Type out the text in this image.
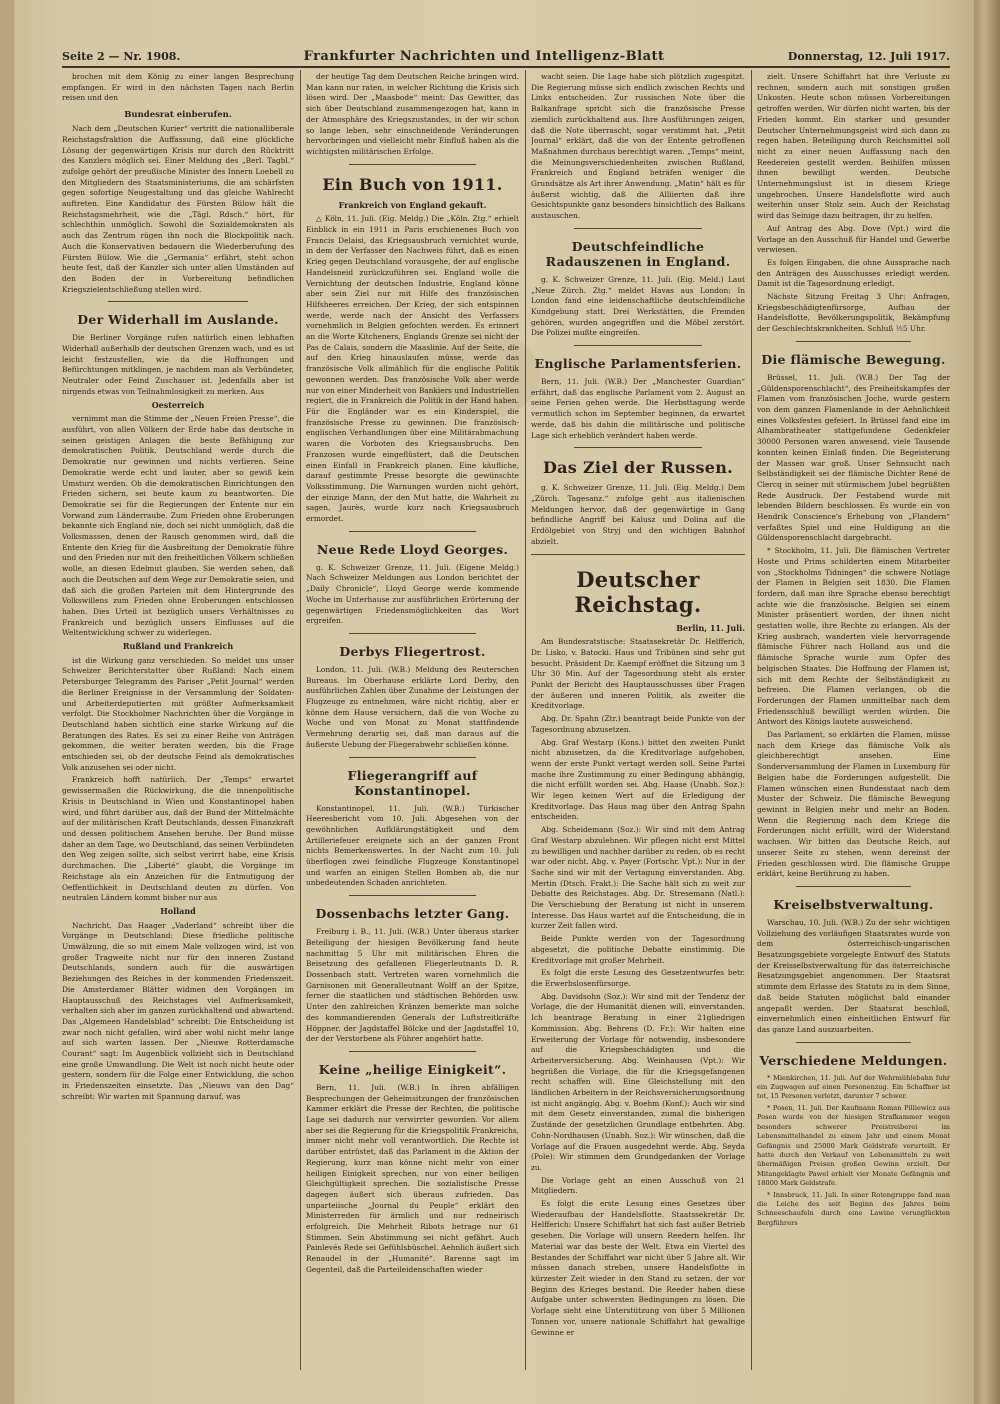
Seite 2 — Nr. 1908.	Frankfurter Nachrichten und Intelligenz-Blatt	Donnerstag, 12. Juli 1917.

brochen mit dem König zu einer langen Besprechung empfangen. Er wird in den nächsten Tagen nach Berlin reisen und den

Bundesrat einberufen.

Nach dem „Deutschen Kurier“ vertritt die nationalliberale Reichstagsfraktion die Auffassung, daß eine glückliche Lösung der gegenwärtigen Krisis nur durch den Rücktritt des Kanzlers möglich sei. Einer Meldung des „Berl. Tagbl.“ zufolge gehört der preußische Minister des Innern Loebell zu den Mitgliedern des Staatsministeriums, die am schärfsten gegen sofortige Neugestaltung und das gleiche Wahlrecht auftreten. Eine Kandidatur des Fürsten Bülow hält die Reichstagsmehrheit, wie die „Tägl. Rdsch.“ hört, für schlechthin unmöglich. Sowohl die Sozialdemokraten als auch das Zentrum rügen ihn noch die Blockpolitik nach. Auch die Konservativen bedauern die Wiederberufung des Fürsten Bülow. Wie die „Germania“ erfährt, steht schon heute fest, daß der Kanzler sich unter allen Umständen auf den Boden der in Vorbereitung befindlichen Kriegszielentschließung stellen wird.

Der Widerhall im Auslande.

Die Berliner Vorgänge rufen natürlich einen lebhaften Widerhall außerhalb der deutschen Grenzen wach, und es ist leicht festzustellen, wie da die Hoffnungen und Befürchtungen mitklingen, je nachdem man als Verbündeter, Neutraler oder Feind Zuschauer ist. Jedenfalls aber ist nirgends etwas von Teilnahmlosigkeit zu merken. Aus

Oesterreich

vernimmt man die Stimme der „Neuen Freien Presse“, die ausführt, von allen Völkern der Erde habe das deutsche in seinen geistigen Anlagen die beste Befähigung zur demokratischen Politik. Deutschland werde durch die Demokratie nur gewinnen und nichts verlieren. Seine Demokratie werde echt und lauter, aber so gewiß kein Umsturz werden. Ob die demokratischen Einrichtungen den Frieden sichern, sei heute kaum zu beantworten. Die Demokratie sei für die Regierungen der Entente nur ein Vorwand zum Länderraube. Zum Frieden ohne Eroberungen bekannte sich England nie, doch sei nicht unmöglich, daß die Volksmassen, denen der Rausch genommen wird, daß die Entente den Krieg für die Ausbreitung der Demokratie führe und den Frieden nur mit den freiheitlichen Völkern schließen wolle, an diesen Edelmut glauben. Sie werden sehen, daß auch die Deutschen auf dem Wege zur Demokratie seien, und daß sich die großen Parteien mit dem Hintergrunde des Volkswillens zum Frieden ohne Eroberungen entschlossen haben. Dies Urteil ist bezüglich unsers Verhältnisses zu Frankreich und bezüglich unsers Einflusses auf die Weltentwicklung schwer zu widerlegen.

Rußland und Frankreich

ist die Wirkung ganz verschieden. So meldet uns unser Schweizer Berichterstatter über Rußland: Nach einem Petersburger Telegramm des Pariser „Petit Journal“ werden die Berliner Ereignisse in der Versammlung der Soldaten- und Arbeiterdeputierten mit größter Aufmerksamkeit verfolgt. Die Stockholmer Nachrichten über die Vorgänge in Deutschland haben sichtlich eine starke Wirkung auf die Beratungen des Rates. Es sei zu einer Reihe von Anträgen gekommen, die weiter beraten werden, bis die Frage entschieden sei, ob der deutsche Feind als demokratisches Volk anzusehen sei oder nicht.

Frankreich hofft natürlich. Der „Temps“ erwartet gewissermaßen die Rückwirkung, die die innenpolitische Krisis in Deutschland in Wien und Konstantinopel haben wird, und führt darüber aus, daß der Bund der Mittelmächte auf der militärischen Kraft Deutschlands, dessen Finanzkraft und dessen politischem Ansehen beruhe. Der Bund müsse daher an dem Tage, wo Deutschland, das seinen Verbündeten den Weg zeigen sollte, sich selbst verirrt habe, eine Krisis durchmachen. Die „Liberté“ glaubt, die Vorgänge im Reichstage als ein Anzeichen für die Entmutigung der Oeffentlichkeit in Deutschland deuten zu dürfen. Von neutralen Ländern kommt bisher nur aus

Holland

Nachricht. Das Haager „Vaderland“ schreibt über die Vorgänge in Deutschland: Diese friedliche politische Umwälzung, die so mit einem Male vollzogen wird, ist von großer Tragweite nicht nur für den inneren Zustand Deutschlands, sondern auch für die auswärtigen Beziehungen des Reiches in der kommenden Friedenszeit. Die Amsterdamer Blätter widmen den Vorgängen im Hauptausschuß des Reichstages viel Aufmerksamkeit, verhalten sich aber im ganzen zurückhaltend und abwartend. Das „Algemeen Handelsblad“ schreibt: Die Entscheidung ist zwar noch nicht gefallen, wird aber wohl nicht mehr lange auf sich warten lassen. Der „Nieuwe Rotterdamsche Courant“ sagt: Im Augenblick vollzieht sich in Deutschland eine große Umwandlung. Die Welt ist noch nicht heute oder gestern, sondern für die Folge einer Entwicklung, die schon in Friedenszeiten einsetzte. Das „Nieuws van den Dag“ schreibt: Wir warten mit Spannung darauf, was

der heutige Tag dem Deutschen Reiche bringen wird. Man kann nur raten, in welcher Richtung die Krisis sich lösen wird. Der „Maasbode“ meint: Das Gewitter, das sich über Deutschland zusammengezogen hat, kann in der Atmosphäre des Kriegszustandes, in der wir schon so lange leben, sehr einschneidende Veränderungen hervorbringen und vielleicht mehr Einfluß haben als die wichtigsten militärischen Erfolge.

Ein Buch von 1911.
Frankreich von England gekauft.

△ Köln, 11. Juli. (Eig. Meldg.) Die „Köln. Ztg.“ erhielt Einblick in ein 1911 in Paris erschienenes Buch von Francis Delaisi, das Kriegsausbruch vernichtet wurde, in dem der Verfasser den Nachweis führt, daß es einen Krieg gegen Deutschland vorausgehe, der auf englische Handelsneid zurückzuführen sei. England wolle die Vernichtung der deutschen Industrie, England könne aber sein Ziel nur mit Hilfe des französischen Hilfsheeres erreichen. Der Krieg, der sich entspinnen werde, werde nach der Ansicht des Verfassers vornehmlich in Belgien gefochten werden. Es erinnert an die Worte Kitcheners, Englands Grenze sei nicht der Pas de Calais, sondern die Maaslinie. Auf der Seite, die auf den Krieg hinauslaufen müsse, werde das französische Volk allmählich für die englische Politik gewonnen werden. Das französische Volk aber werde nur von einer Minderheit von Bankiers und Industriellen regiert, die in Frankreich die Politik in der Hand haben. Für die Engländer war es ein Kinderspiel, die französische Presse zu gewinnen. Die französisch-englischen Verhandlungen über eine Militärabmachung waren die Vorboten des Kriegsausbruchs. Den Franzosen wurde eingeflüstert, daß die Deutschen einen Einfall in Frankreich planen. Eine käufliche, darauf gestimmte Presse besorgte die gewünschte Volksstimmung. Die Warnungen wurden nicht gehört, der einzige Mann, der den Mut hatte, die Wahrheit zu sagen, Jaurès, wurde kurz nach Kriegsausbruch ermordet.

Neue Rede Lloyd Georges.

g. K. Schweizer Grenze, 11. Juli. (Eigene Meldg.) Nach Schweizer Meldungen aus London berichtet der „Daily Chronicle“, Lloyd George werde kommende Woche im Unterhause zur ausführlichen Erörterung der gegenwärtigen Friedensmöglichkeiten das Wort ergreifen.

Derbys Fliegertrost.

London, 11. Juli. (W.B.) Meldung des Reuterschen Bureaus. Im Oberhause erklärte Lord Derby, den ausführlichen Zahlen über Zunahme der Leistungen der Flugzeuge zu entnehmen, wäre nicht richtig, aber er könne dem Hause versichern, daß die von Woche zu Woche und von Monat zu Monat stattfindende Vermehrung derartig sei, daß man daraus auf die äußerste Uebung der Fliegerabwehr schließen könne.

Fliegerangriff auf Konstantinopel.

Konstantinopel, 11. Juli. (W.B.) Türkischer Heeresbericht vom 10. Juli. Abgesehen von der gewöhnlichen Aufklärungstätigkeit und dem Artilleriefeuer ereignete sich an der ganzen Front nichts Bemerkenswertes. In der Nacht zum 10. Juli überflogen zwei feindliche Flugzeuge Konstantinopel und warfen an einigen Stellen Bomben ab, die nur unbedeutenden Schaden anrichteten.

Dossenbachs letzter Gang.

Freiburg i. B., 11. Juli. (W.B.) Unter überaus starker Beteiligung der hiesigen Bevölkerung fand heute nachmittag 5 Uhr mit militärischen Ehren die Beisetzung des gefallenen Fliegerleutnants D. R. Dossenbach statt. Vertreten waren vornehmlich die Garnisonen mit Generalleutnant Wolff an der Spitze, ferner die staatlichen und städtischen Behörden usw. Unter den zahlreichen Kränzen bemerkte man solche des kommandierenden Generals der Luftstreitkräfte Höppner, der Jagdstaffel Bölcke und der Jagdstaffel 10, der der Verstorbene als Führer angehört hatte.

Keine „heilige Einigkeit“.

Bern, 11. Juli. (W.B.) In ihren abfälligen Besprechungen der Geheimsitzungen der französischen Kammer erklärt die Presse der Rechten, die politische Lage sei dadurch nur verwirrter geworden. Vor allem aber sei die Regierung für die Kriegspolitik Frankreichs, immer nicht mehr voll verantwortlich. Die Rechte ist darüber entrüstet, daß das Parlament in die Aktion der Regierung, kurz man könne nicht mehr von einer heiligen Einigkeit sprechen, nur von einer heiligen Gleichgültigkeit sprechen. Die sozialistische Presse dagegen äußert sich überaus zufrieden. Das unparteiische „Journal du Peuple“ erklärt den Ministerreden für ärmlich und nur redneirisch erfolgreich. Die Mehrheit Ribots betrage nur 61 Stimmen. Sein Abstimmung sei nicht gefährt. Auch Painlevés Rede sei Gefühlsbüschel. Aehnlich äußert sich Renaudel in der „Humanité“. Barenne sagt im Gegenteil, daß die Parteileidenschaften wieder

wacht seien. Die Lage habe sich plötzlich zugespitzt. Die Regierung müsse sich endlich zwischen Rechts und Links entscheiden. Zur russischen Note über die Balkanfrage spricht sich die französische Presse ziemlich zurückhaltend aus. Ihre Ausführungen zeigen, daß die Note überrascht, sogar verstimmt hat. „Petit Journal“ erklärt, daß die von der Entente getroffenen Maßnahmen durchaus berechtigt waren. „Temps“ meint, die Meinungsverschiedenheiten zwischen Rußland, Frankreich und England beträfen weniger die Grundsätze als Art ihrer Anwendung. „Matin“ hält es für äußerst wichtig, daß die Alliierten daß ihre Gesichtspunkte ganz besonders hinsichtlich des Balkans austauschen.

Deutschfeindliche Radauszenen in England.

g. K. Schweizer Grenze, 11. Juli. (Eig. Meld.) Laut „Neue Zürch. Ztg.“ meldet Havas aus London: In London fand eine leidenschaftliche deutschfeindliche Kundgebung statt. Drei Werkstätten, die Fremden gehören, wurden angegriffen und die Möbel zerstört. Die Polizei mußte eingreifen.

Englische Parlamentsferien.

Bern, 11. Juli. (W.B.) Der „Manchester Guardian“ erfährt, daß das englische Parlament vom 2. August an seine Ferien gehen werde. Die Herbsttagung werde vermutlich schon im September beginnen, da erwartet werde, daß bis dahin die militärische und politische Lage sich erheblich verändert haben werde.

Das Ziel der Russen.

g. K. Schweizer Grenze, 11. Juli. (Eig. Meldg.) Dem „Zürch. Tagesanz.“ zufolge geht aus italienischen Meldungen hervor, daß der gegenwärtige in Gang befindliche Angriff bei Kalusz und Dolina auf die Erdölgebiet von Stryj und den wichtigen Bahnhof abzielt.

Deutscher Reichstag.
Berlin, 11. Juli.

Am Bundesratstische: Staatssekretär Dr. Helfferich, Dr. Lisko, v. Batocki. Haus und Tribünen sind sehr gut besucht. Präsident Dr. Kaempf eröffnet die Sitzung um 3 Uhr 30 Min. Auf der Tagesordnung steht als erster Punkt der Bericht des Hauptausschusses über Fragen der äußeren und inneren Politik, als zweiter die Kreditvorlage.

Abg. Dr. Spahn (Ztr.) beantragt beide Punkte von der Tagesordnung abzusetzen.

Abg. Graf Westarp (Kons.) bittet den zweiten Punkt nicht abzusetzen, da die Kreditvorlage aufgehoben, wenn der erste Punkt vertagt werden soll. Seine Partei mache ihre Zustimmung zu einer Bedingung abhängig, die nicht erfüllt worden sei. Abg. Haase (Unabh. Soz.): Wir legen keinen Wert auf die Erledigung der Kreditvorlage. Das Haus mag über den Antrag Spahn entscheiden.

Abg. Scheidemann (Soz.): Wir sind mit dem Antrag Graf Westarp abzulehnen. Wir pflegen nicht erst Mittel zu bewilligen und nachher darüber zu reden, ob es recht war oder nicht. Abg. v. Payer (Fortschr. Vpt.): Nur in der Sache sind wir mit der Vertagung einverstanden. Abg. Mertin (Dtsch. Frakt.): Die Sache hält sich zu weit zur Debatte des Reichstages. Abg. Dr. Stresemann (Natl.): Die Verschiebung der Beratung ist nicht in unserem Interesse. Das Haus wartet auf die Entscheidung, die in kurzer Zeit fallen wird.

Beide Punkte werden von der Tagesordnung abgesetzt, die politische Debatte einstimmig. Die Kreditvorlage mit großer Mehrheit.

Es folgt die erste Lesung des Gesetzentwurfes betr. die Erwerbslosenfürsorge.

Abg. Davidsohn (Soz.): Wir sind mit der Tendenz der Vorlage, die der Humanität dienen will, einverstanden. Ich beantrage Beratung in einer 21gliedrigen Kommission. Abg. Behrens (D. Fr.): Wir halten eine Erweiterung der Vorlage für notwendig, insbesondere auf die Kriegsbeschädigten und die Arbeiterversicherung. Abg. Weinhausen (Vpt.): Wir begrüßen die Vorlage, die für die Kriegsgefangenen recht schaffen will. Eine Gleichstellung mit den ländlichen Arbeitern in der Reichsversicherungsordnung ist nicht angängig. Abg. v. Boehm (Konf.): Auch wir sind mit dem Gesetz einverstanden, zumal die bisherigen Zustände der gesetzlichen Grundlage entbehrten. Abg. Cohn-Nordhausen (Unabh. Soz.): Wir wünschen, daß die Vorlage auf die Frauen ausgedehnt werde. Abg. Seyda (Pole): Wir stimmen dem Grundgedanken der Vorlage zu.

Die Vorlage geht an einen Ausschuß von 21 Mitgliedern.

Es folgt die erste Lesung eines Gesetzes über Wiederaufbau der Handelsflotte. Staatssekretär Dr. Helfferich: Unsere Schiffahrt hat sich fast außer Betrieb gesehen. Die Vorlage will unsern Reedern helfen. Ihr Material war das beste der Welt. Etwa ein Viertel des Bestandes der Schiffahrt war nicht über 5 Jahre alt. Wir müssen danach streben, unsere Handelsflotte in kürzester Zeit wieder in den Stand zu setzen, der vor Beginn des Krieges bestand. Die Reeder haben diese Aufgabe unter schwersten Bedingungen zu lösen. Die Vorlage sieht eine Unterstützung von über 5 Millionen Tonnen vor, unsere nationale Schiffahrt hat gewaltige Gewinne er

zielt. Unsere Schiffahrt hat ihre Verluste zu rechnen, sondern auch mit sonstigen großen Unkosten. Heute schon müssen Vorbereitungen getroffen werden. Wir dürfen nicht warten, bis der Frieden kommt. Ein starker und gesunder Deutscher Unternehmungsgeist wird sich dann zu regen haben. Beteiligung durch Reichsmittel soll nicht zu einer neuen Auffassung nach den Reedereien gestellt werden. Beihilfen müssen ihnen bewilligt werden. Deutsche Unternehmungslust ist in diesem Kriege ungebrochen. Unsere Handelsflotte wird auch weiterhin unser Stolz sein. Auch der Reichstag wird das Seinige dazu beitragen, ihr zu helfen.

Auf Antrag des Abg. Dove (Vpt.) wird die Vorlage an den Ausschuß für Handel und Gewerbe verwiesen.

Es folgen Eingaben, die ohne Aussprache nach den Anträgen des Ausschusses erledigt werden. Damit ist die Tagesordnung erledigt.

Nächste Sitzung Freitag 3 Uhr: Anfragen, Kriegsbeschädigtenfürsorge, Aufbau der Handelsflotte, Bevölkerungspolitik, Bekämpfung der Geschlechtskrankheiten. Schluß ½5 Uhr.

Die flämische Bewegung.

Brüssel, 11. Juli. (W.B.) Der Tag der „Güldensporenschlacht“, des Freiheitskampfes der Flamen vom französischen Joche, wurde gestern von dem ganzen Flamenlande in der Aehnlichkeit eines Volksfestes gefeiert. In Brüssel fand eine im Alhambratheater stattgefundene Gedenkfeier 30000 Personen waren anwesend, viele Tausende konnten keinen Einlaß finden. Die Begeisterung der Massen war groß. Unser Sehnsucht nach Selbständigkeit sei der flämische Dichter René de Clercq in seiner mit stürmischem Jubel begrüßten Rede Ausdruck. Der Festabend wurde mit lebenden Bildern beschlossen. Es wurde ein von Hendrik Conscience's Erhebung von „Flandern“ verfaßtes Spiel und eine Huldigung an die Güldensporenschlacht dargebracht.

* Stockholm, 11. Juli. Die flämischen Vertreter Hoste und Prims schilderten einem Mitarbeiter von „Stockholms Tidningen“ die schwere Notlage der Flamen in Belgien seit 1830. Die Flamen fordern, daß man ihre Sprache ebenso berechtigt achte wie die französische. Belgien sei einem Minister präsentiert worden, der ihnen nicht gestatten wolle, ihre Rechte zu erlangen. Als der Krieg ausbrach, wanderten viele hervorragende flämische Führer nach Holland aus und die flämische Sprache wurde zum Opfer des belgischen Staates. Die Hoffnung der Flamen ist, sich mit dem Rechte der Selbständigkeit zu befreien. Die Flamen verlangen, ob die Forderungen der Flamen unmittelbar nach dem Friedensschluß bewilligt werden würden. Die Antwort des Königs lautete ausweichend.

Das Parlament, so erklärten die Flamen, müsse nach dem Kriege das flämische Volk als gleichberechtigt ansehen. Eine Sonderversammlung der Flamen in Luxemburg für Belgien habe die Forderungen aufgestellt. Die Flamen wünschen einen Bundesstaat nach dem Muster der Schweiz. Die flämische Bewegung gewinnt in Belgien mehr und mehr an Boden. Wenn die Regierung nach dem Kriege die Forderungen nicht erfüllt, wird der Widerstand wachsen. Wir bitten das Deutsche Reich, auf unserer Seite zu stehen, wenn dereinst der Frieden geschlossen wird. Die flämische Gruppe erklärt, keine Berührung zu haben.

Kreiselbstverwaltung.

Warschau, 10. Juli. (W.B.) Zu der sehr wichtigen Vollziehung des vorläufigen Staatsrates wurde von dem österreichisch-ungarischen Besatzungsgebiete vorgelegte Entwurf des Statuts der Kreisselbstverwaltung für das österreichische Besatzungsgebiet angenommen. Der Staatsrat stimmte dem Erlasse des Statuts zu in dem Sinne, daß beide Statuten möglichst bald einander angepaßt werden. Der Staatsrat beschloß, einvernehmlich einen einheitlichen Entwurf für das ganze Land auszuarbeiten.

Verschiedene Meldungen.

* Mienkirchen, 11. Juli. Auf der Wehrmühlebahn fuhr ein Zugwagen auf einen Personenzug. Ein Schaffner ist tot, 15 Personen verletzt, darunter 7 schwer.

* Posen, 11. Juli. Der Kaufmann Roman Pilliewicz aus Posen wurde von der hiesigen Strafkammer wegen besonders schwerer Preistreiberei im Lebensmittelhandel zu einem Jahr und einem Monat Gefängnis und 25000 Mark Geldstrafe verurteilt. Er hatte durch den Verkauf von Lebensmitteln zu weit übermäßigen Preisen großen Gewinn erzielt. Der Mitangeklagte Pawel erhielt vier Monate Gefängnis und 18000 Mark Geldstrafe.

* Innsbruck, 11. Juli. In einer Rotengruppe fand man die Leiche des seit Beginn des Jahres beim Schneeschaufeln durch eine Lawine verunglückten Bergführers
